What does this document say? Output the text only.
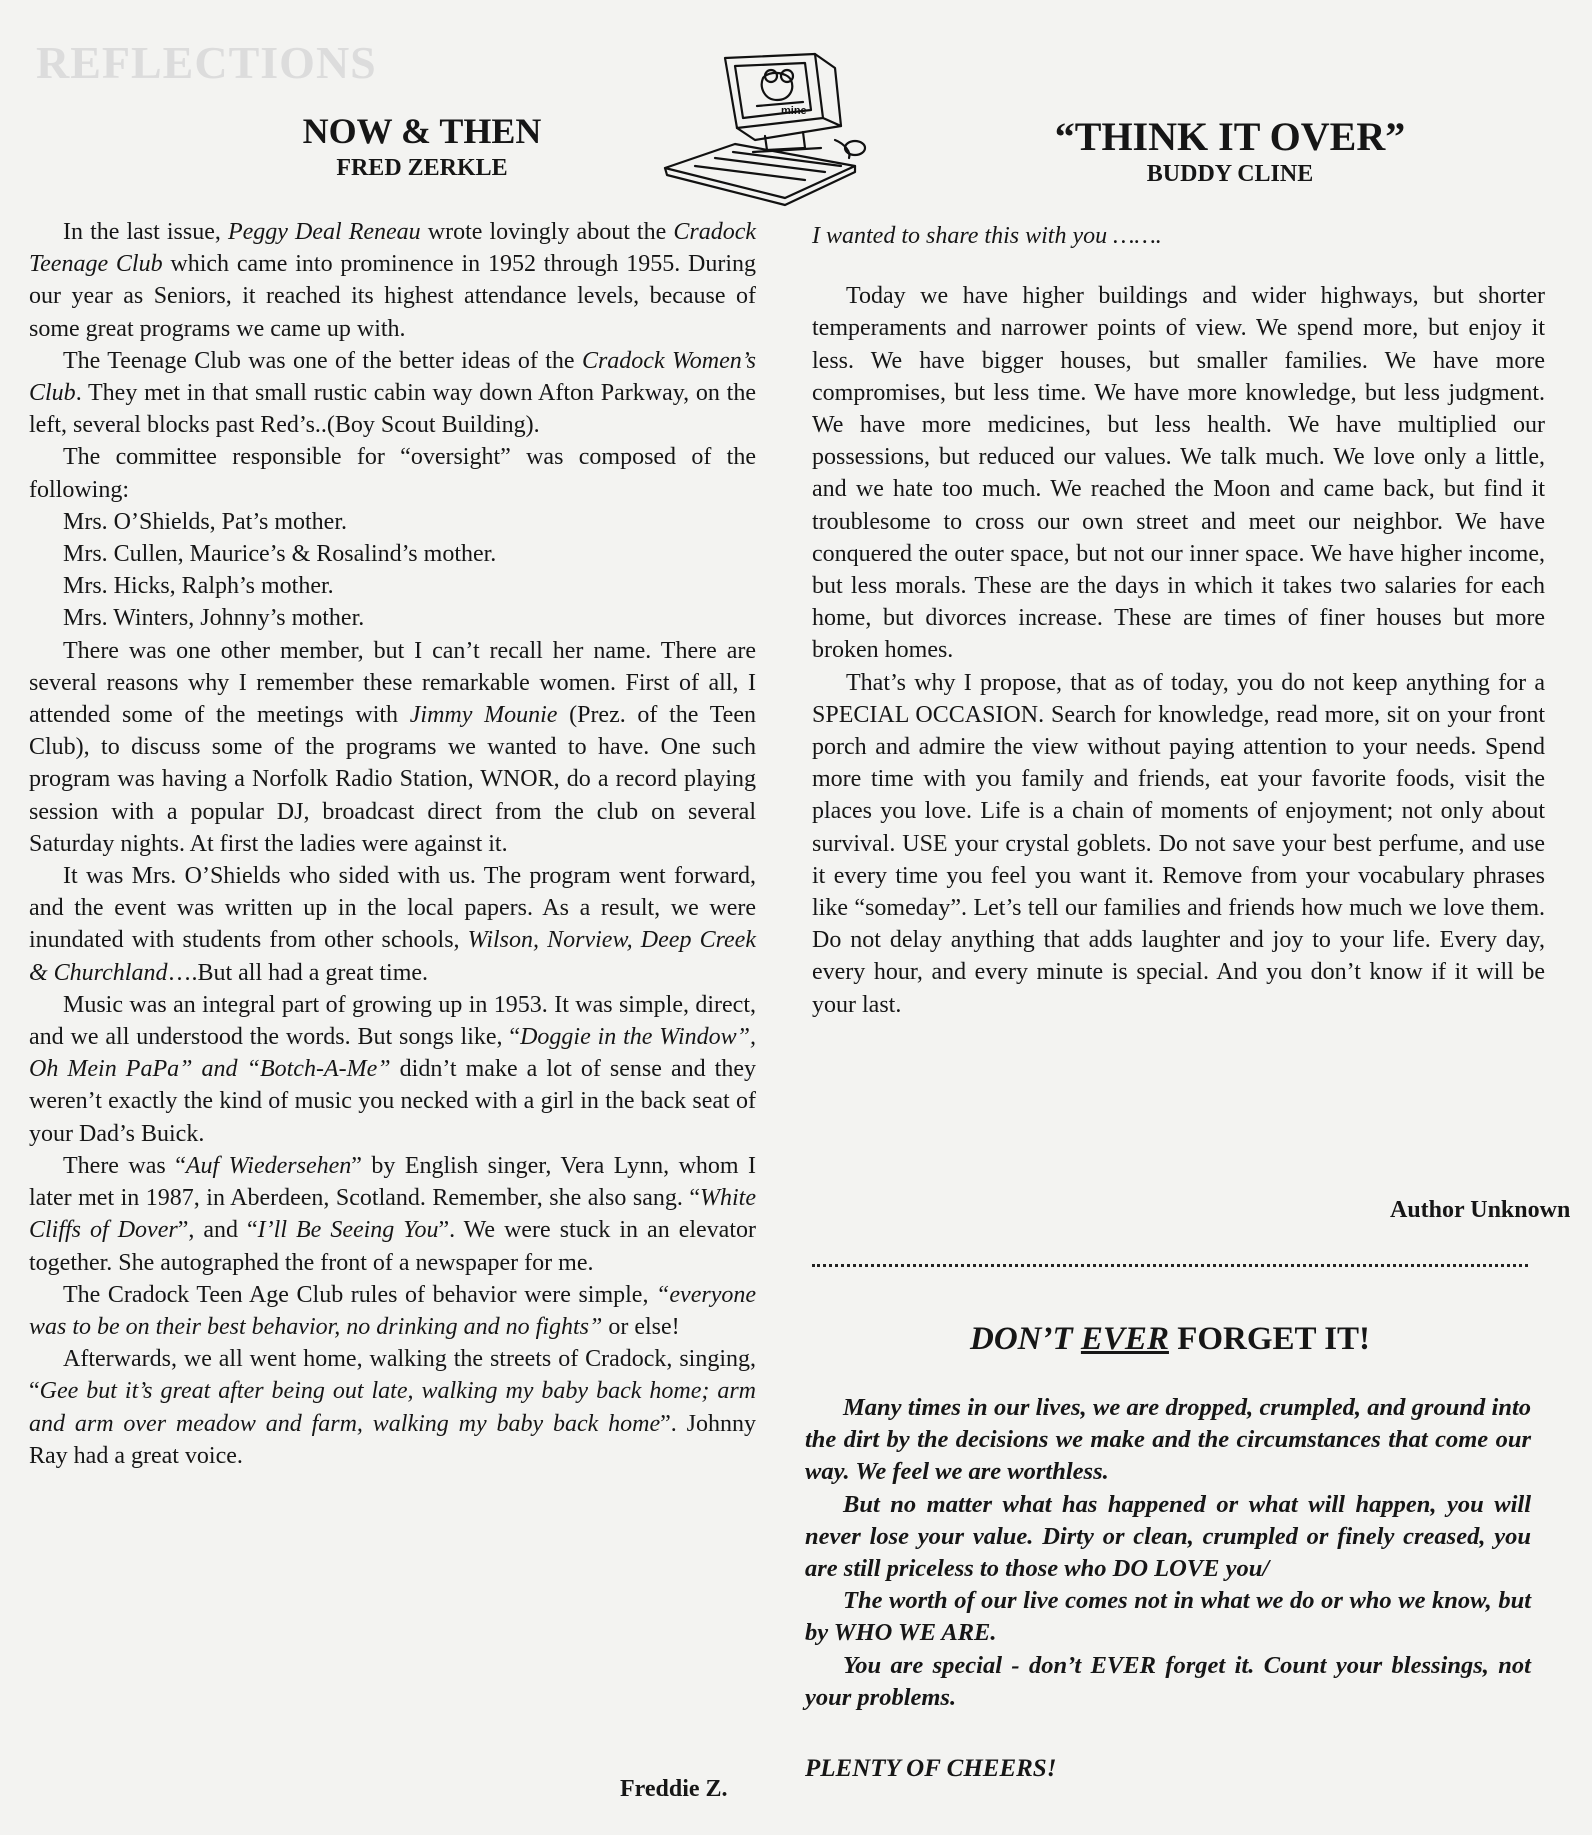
REFLECTIONS
mine
NOW & THEN
FRED ZERKLE

In the last issue, Peggy Deal Reneau wrote lovingly about the Cradock Teenage Club which came into prominence in 1952 through 1955. During our year as Seniors, it reached its highest attendance levels, because of some great programs we came up with.

The Teenage Club was one of the better ideas of the Cradock Women’s Club. They met in that small rustic cabin way down Afton Parkway, on the left, several blocks past Red’s..(Boy Scout Building).

The committee responsible for “oversight” was composed of the following:

Mrs. O’Shields, Pat’s mother.

Mrs. Cullen, Maurice’s & Rosalind’s mother.

Mrs. Hicks, Ralph’s mother.

Mrs. Winters, Johnny’s mother.

There was one other member, but I can’t recall her name. There are several reasons why I remember these remarkable women. First of all, I attended some of the meetings with Jimmy Mounie (Prez. of the Teen Club), to discuss some of the programs we wanted to have. One such program was having a Norfolk Radio Station, WNOR, do a record playing session with a popular DJ, broadcast direct from the club on several Saturday nights. At first the ladies were against it.

It was Mrs. O’Shields who sided with us. The program went forward, and the event was written up in the local papers. As a result, we were inundated with students from other schools, Wilson, Norview, Deep Creek & Churchland….But all had a great time.

Music was an integral part of growing up in 1953. It was simple, direct, and we all understood the words. But songs like, “Doggie in the Window”, Oh Mein PaPa” and “Botch-A-Me” didn’t make a lot of sense and they weren’t exactly the kind of music you necked with a girl in the back seat of your Dad’s Buick.

There was “Auf Wiedersehen” by English singer, Vera Lynn, whom I later met in 1987, in Aberdeen, Scotland. Remember, she also sang. “White Cliffs of Dover”, and “I’ll Be Seeing You”. We were stuck in an elevator together. She autographed the front of a newspaper for me.

The Cradock Teen Age Club rules of behavior were simple, “everyone was to be on their best behavior, no drinking and no fights” or else!

Afterwards, we all went home, walking the streets of Cradock, singing, “Gee but it’s great after being out late, walking my baby back home; arm and arm over meadow and farm, walking my baby back home”. Johnny Ray had a great voice.

Freddie Z.
“THINK IT OVER”
BUDDY CLINE

I wanted to share this with you …….

Today we have higher buildings and wider highways, but shorter temperaments and narrower points of view. We spend more, but enjoy it less. We have bigger houses, but smaller families. We have more compromises, but less time. We have more knowledge, but less judgment. We have more medicines, but less health. We have multiplied our possessions, but reduced our values. We talk much. We love only a little, and we hate too much. We reached the Moon and came back, but find it troublesome to cross our own street and meet our neighbor. We have conquered the outer space, but not our inner space. We have higher income, but less morals. These are the days in which it takes two salaries for each home, but divorces increase. These are times of finer houses but more broken homes.

That’s why I propose, that as of today, you do not keep anything for a SPECIAL OCCASION. Search for knowledge, read more, sit on your front porch and admire the view without paying attention to your needs. Spend more time with you family and friends, eat your favorite foods, visit the places you love. Life is a chain of moments of enjoyment; not only about survival. USE your crystal goblets. Do not save your best perfume, and use it every time you feel you want it. Remove from your vocabulary phrases like “someday”. Let’s tell our families and friends how much we love them. Do not delay anything that adds laughter and joy to your life. Every day, every hour, and every minute is special. And you don’t know if it will be your last.

Author Unknown
DON’T EVER FORGET IT!

Many times in our lives, we are dropped, crumpled, and ground into the dirt by the decisions we make and the circumstances that come our way. We feel we are worthless.

But no matter what has happened or what will happen, you will never lose your value. Dirty or clean, crumpled or finely creased, you are still priceless to those who DO LOVE you/

The worth of our live comes not in what we do or who we know, but by WHO WE ARE.

You are special - don’t EVER forget it. Count your blessings, not your problems.

PLENTY OF CHEERS!
